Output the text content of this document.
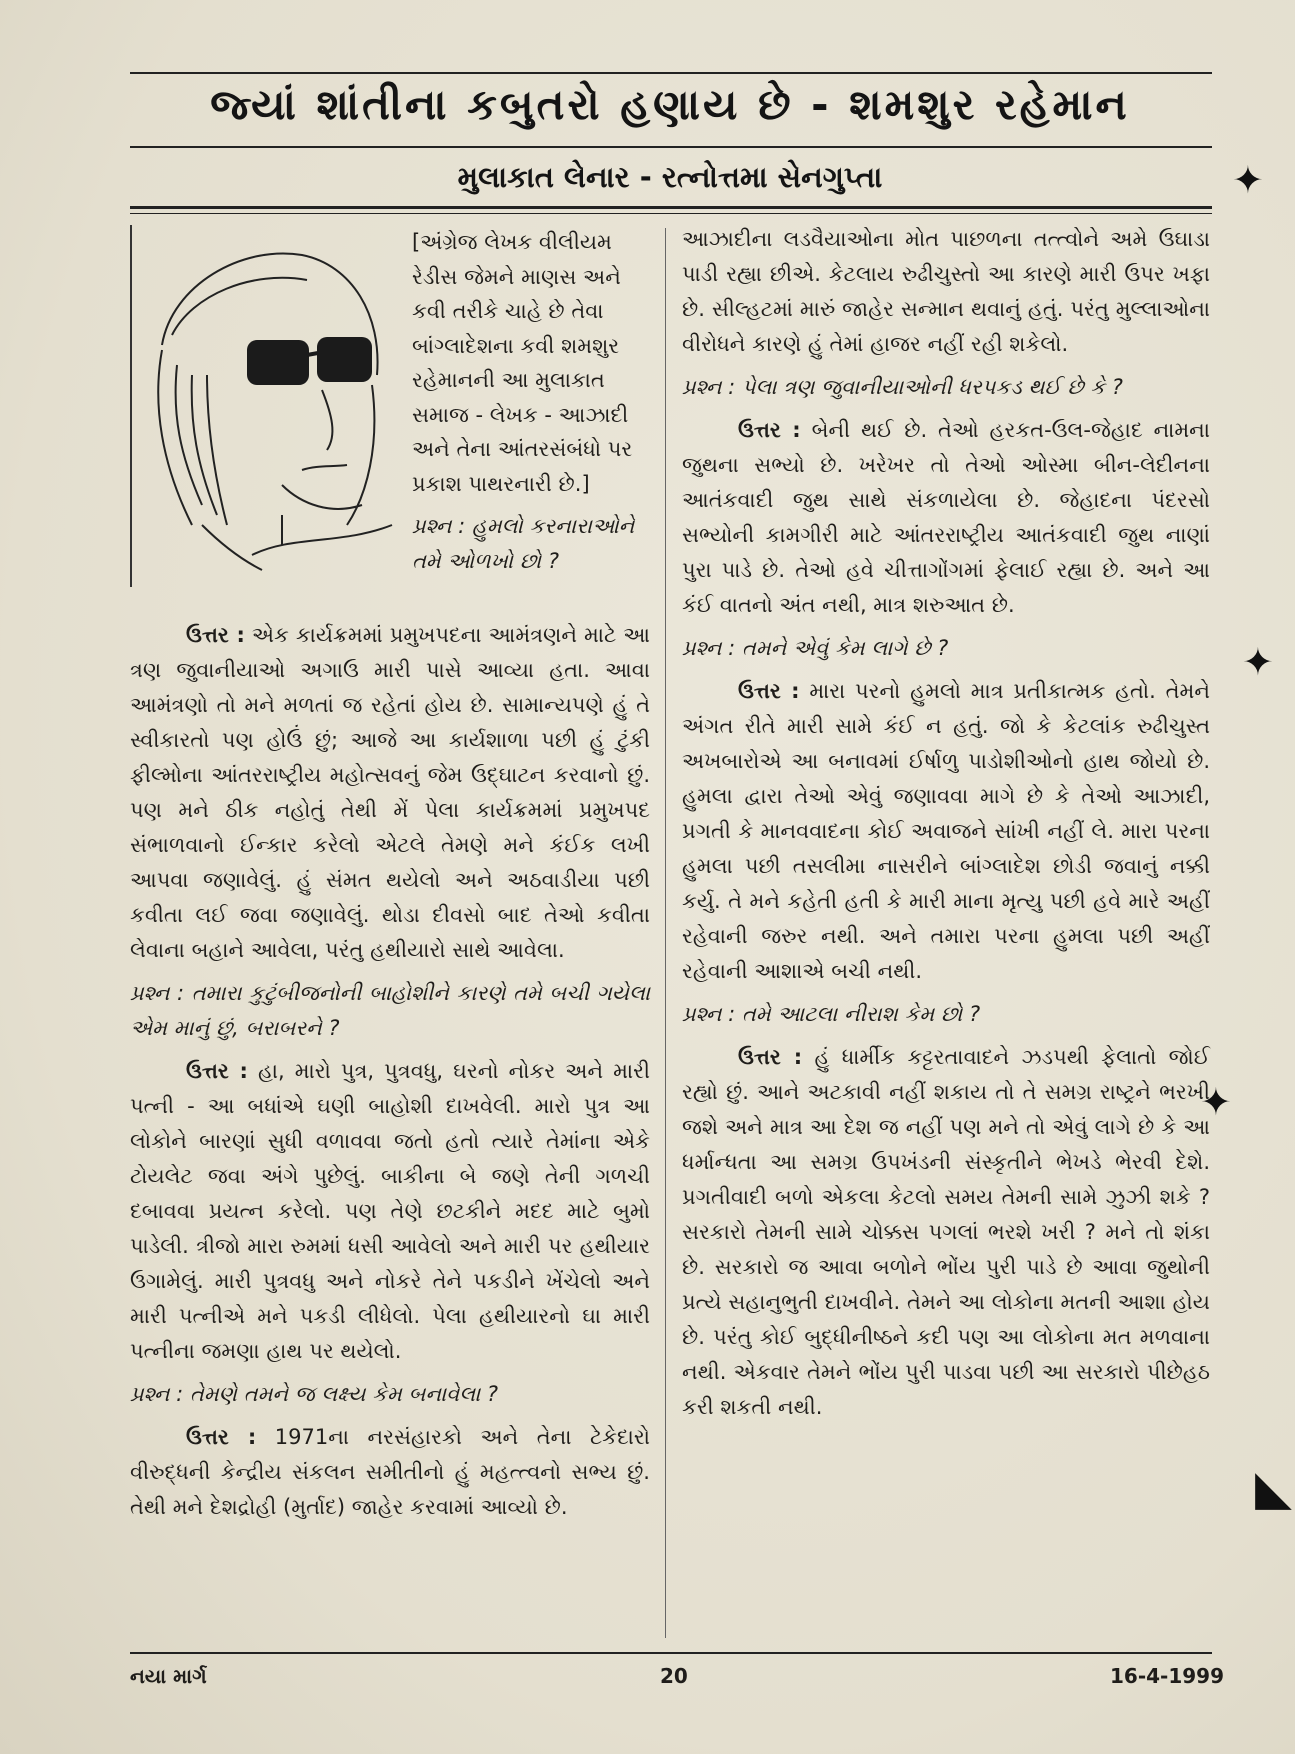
જ્યાં શાંતીના કબુતરો હણાય છે - શમશુર રહેમાન
મુલાકાત લેનાર - રત્નોત્તમા સેનગુપ્તા

[અંગ્રેજ લેખક વીલીયમ રેડીસ જેમને માણસ અને કવી તરીકે ચાહે છે તેવા બાંગ્લાદેશના કવી શમશુર રહેમાનની આ મુલાકાત સમાજ - લેખક - આઝાદી અને તેના આંતરસંબંધો પર પ્રકાશ પાથરનારી છે.]

પ્રશ્ન : હુમલો કરનારાઓને તમે ઓળખો છો ?

ઉત્તર : એક કાર્યક્રમમાં પ્રમુખપદના આમંત્રણને માટે આ ત્રણ જુવાનીયાઓ અગાઉ મારી પાસે આવ્યા હતા. આવા આમંત્રણો તો મને મળતાં જ રહેતાં હોય છે. સામાન્યપણે હું તે સ્વીકારતો પણ હોઉં છું; આજે આ કાર્યશાળા પછી હું ટુંકી ફીલ્મોના આંતરરાષ્ટ્રીય મહોત્સવનું જેમ ઉદ્ઘાટન કરવાનો છું. પણ મને ઠીક નહોતું તેથી મેં પેલા કાર્યક્રમમાં પ્રમુખપદ સંભાળવાનો ઈન્કાર કરેલો એટલે તેમણે મને કંઈક લખી આપવા જણાવેલું. હું સંમત થયેલો અને અઠવાડીયા પછી કવીતા લઈ જવા જણાવેલું. થોડા દીવસો બાદ તેઓ કવીતા લેવાના બહાને આવેલા, પરંતુ હથીયારો સાથે આવેલા.

પ્રશ્ન : તમારા કુટુંબીજનોની બાહોશીને કારણે તમે બચી ગયેલા એમ માનું છું, બરાબરને ?

ઉત્તર : હા, મારો પુત્ર, પુત્રવધુ, ઘરનો નોકર અને મારી પત્ની - આ બધાંએ ઘણી બાહોશી દાખવેલી. મારો પુત્ર આ લોકોને બારણાં સુધી વળાવવા જતો હતો ત્યારે તેમાંના એકે ટોયલેટ જવા અંગે પુછેલું. બાકીના બે જણે તેની ગળચી દબાવવા પ્રયત્ન કરેલો. પણ તેણે છટકીને મદદ માટે બુમો પાડેલી. ત્રીજો મારા રુમમાં ધસી આવેલો અને મારી પર હથીયાર ઉગામેલું. મારી પુત્રવધુ અને નોકરે તેને પકડીને ખેંચેલો અને મારી પત્નીએ મને પકડી લીધેલો. પેલા હથીયારનો ઘા મારી પત્નીના જમણા હાથ પર થયેલો.

પ્રશ્ન : તેમણે તમને જ લક્ષ્ય કેમ બનાવેલા ?

ઉત્તર : 1971ના નરસંહારકો અને તેના ટેકેદારો વીરુદ્ધની કેન્દ્રીય સંકલન સમીતીનો હું મહત્ત્વનો સભ્ય છું. તેથી મને દેશદ્રોહી (મુર્તાદ) જાહેર કરવામાં આવ્યો છે.

આઝાદીના લડવૈયાઓના મોત પાછળના તત્ત્વોને અમે ઉઘાડા પાડી રહ્યા છીએ. કેટલાય રુઢીચુસ્તો આ કારણે મારી ઉપર ખફા છે. સીલ્હટમાં મારું જાહેર સન્માન થવાનું હતું. પરંતુ મુલ્લાઓના વીરોધને કારણે હું તેમાં હાજર નહીં રહી શકેલો.

પ્રશ્ન : પેલા ત્રણ જુવાનીયાઓની ધરપકડ થઈ છે કે ?

ઉત્તર : બેની થઈ છે. તેઓ હરકત-ઉલ-જેહાદ નામના જુથના સભ્યો છે. ખરેખર તો તેઓ ઓસ્મા બીન-લેદીનના આતંકવાદી જુથ સાથે સંકળાયેલા છે. જેહાદના પંદરસો સભ્યોની કામગીરી માટે આંતરરાષ્ટ્રીય આતંકવાદી જુથ નાણાં પુરા પાડે છે. તેઓ હવે ચીત્તાગોંગમાં ફેલાઈ રહ્યા છે. અને આ કંઈ વાતનો અંત નથી, માત્ર શરુઆત છે.

પ્રશ્ન : તમને એવું કેમ લાગે છે ?

ઉત્તર : મારા પરનો હુમલો માત્ર પ્રતીકાત્મક હતો. તેમને અંગત રીતે મારી સામે કંઈ ન હતું. જો કે કેટલાંક રુઢીચુસ્ત અખબારોએ આ બનાવમાં ઈર્ષાળુ પાડોશીઓનો હાથ જોયો છે. હુમલા દ્વારા તેઓ એવું જણાવવા માગે છે કે તેઓ આઝાદી, પ્રગતી કે માનવવાદના કોઈ અવાજને સાંખી નહીં લે. મારા પરના હુમલા પછી તસલીમા નાસરીને બાંગ્લાદેશ છોડી જવાનું નક્કી કર્યુ. તે મને કહેતી હતી કે મારી માના મૃત્યુ પછી હવે મારે અહીં રહેવાની જરુર નથી. અને તમારા પરના હુમલા પછી અહીં રહેવાની આશાએ બચી નથી.

પ્રશ્ન : તમે આટલા નીરાશ કેમ છો ?

ઉત્તર : હું ધાર્મીક કટ્ટરતાવાદને ઝડપથી ફેલાતો જોઈ રહ્યો છું. આને અટકાવી નહીં શકાય તો તે સમગ્ર રાષ્ટ્રને ભરખી જશે અને માત્ર આ દેશ જ નહીં પણ મને તો એવું લાગે છે કે આ ધર્માન્ધતા આ સમગ્ર ઉપખંડની સંસ્કૃતીને ભેખડે ભેરવી દેશે. પ્રગતીવાદી બળો એકલા કેટલો સમય તેમની સામે ઝુઝી શકે ? સરકારો તેમની સામે ચોક્કસ પગલાં ભરશે ખરી ? મને તો શંકા છે. સરકારો જ આવા બળોને ભોંય પુરી પાડે છે આવા જુથોની પ્રત્યે સહાનુભુતી દાખવીને. તેમને આ લોકોના મતની આશા હોય છે. પરંતુ કોઈ બુદ્ધીનીષ્ઠને કદી પણ આ લોકોના મત મળવાના નથી. એકવાર તેમને ભોંય પુરી પાડવા પછી આ સરકારો પીછેહઠ કરી શકતી નથી.

નયા માર્ગ	20	16-4-1999
✦
✦
✦
◣
